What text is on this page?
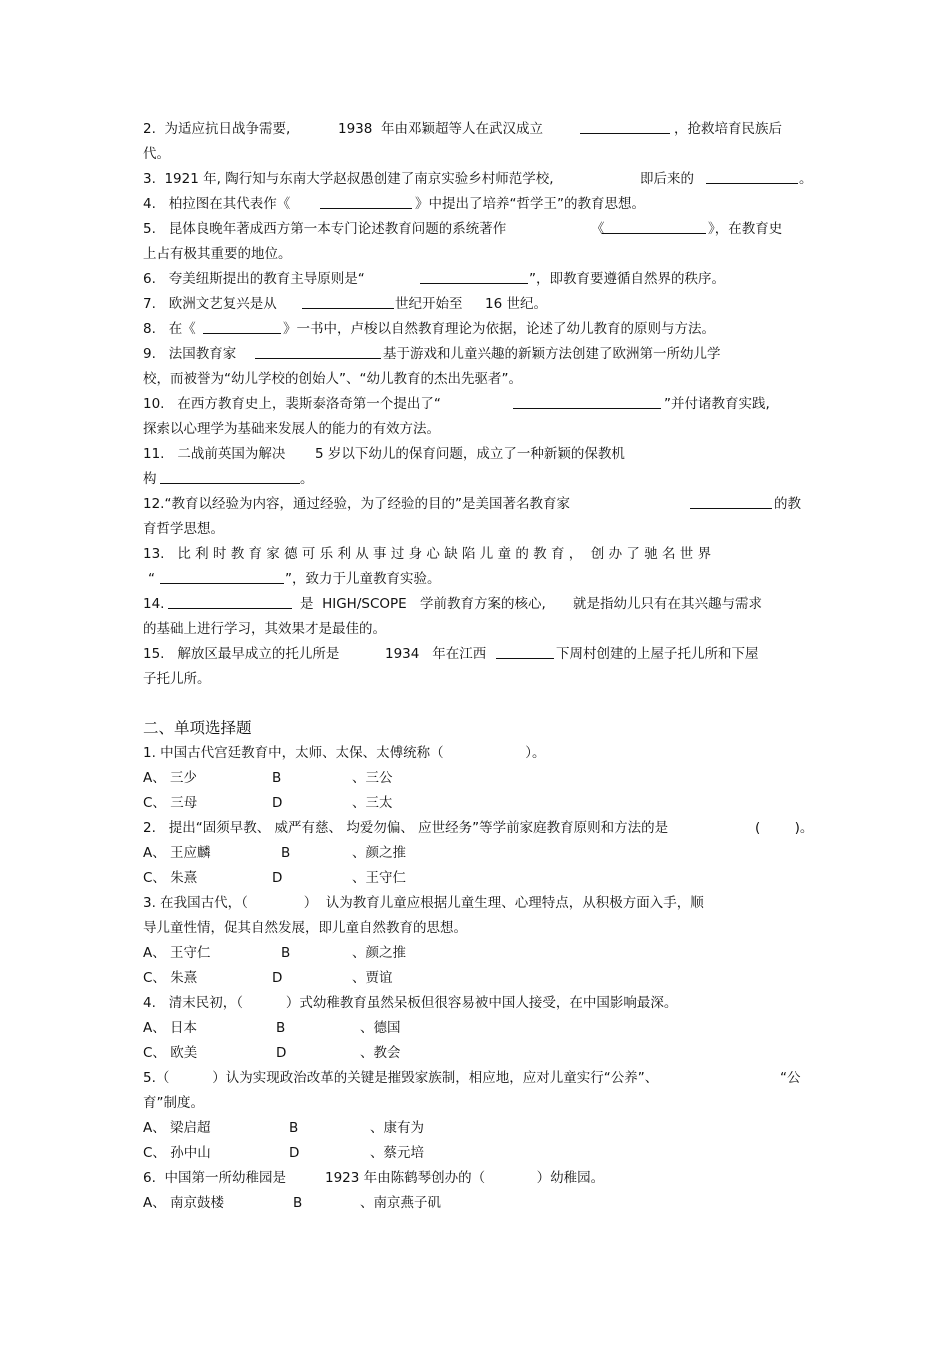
2.  为适应抗日战争需要,	1938  年由邓颖超等人在武汉成立	，抢救培育民族后
代。
3.  1921 年, 陶行知与东南大学赵叔愚创建了南京实验乡村师范学校,	即后来的	。
4.   柏拉图在其代表作《	》中提出了培养“哲学王”的教育思想。
5.   昆体良晚年著成西方第一本专门论述教育问题的系统著作	《	》，在教育史
上占有极其重要的地位。
6.   夸美纽斯提出的教育主导原则是“	”，即教育要遵循自然界的秩序。
7.   欧洲文艺复兴是从	世纪开始至 16 世纪。
8.   在《	》一书中，卢梭以自然教育理论为依据，论述了幼儿教育的原则与方法。
9.   法国教育家	基于游戏和儿童兴趣的新颖方法创建了欧洲第一所幼儿学
校，而被誉为“幼儿学校的创始人”、“幼儿教育的杰出先驱者”。
10.   在西方教育史上，裴斯泰洛奇第一个提出了“	”并付诸教育实践,
探索以心理学为基础来发展人的能力的有效方法。
11.   二战前英国为解决 5 岁以下幼儿的保育问题，成立了一种新颖的保教机
构	。
12.“教育以经验为内容，通过经验，为了经验的目的”是美国著名教育家	的教
育哲学思想。
13.   比 利 时 教 育 家 德 可 乐 利 从 事 过 身 心 缺 陷 儿 童 的 教 育 ，  创 办 了 驰 名 世 界
“	”，致力于儿童教育实验。
14.	是  HIGH/SCOPE 学前教育方案的核心, 就是指幼儿只有在其兴趣与需求
的基础上进行学习，其效果才是最佳的。
15.   解放区最早成立的托儿所是	1934   年在江西	下周村创建的上屋子托儿所和下屋
子托儿所。
二、单项选择题
1. 中国古代宫廷教育中，太师、太保、太傅统称（                   ）。
A、 三少	B	、三公
C、 三母	D	、三太
2.   提出“固须早教、 威严有慈、 均爱勿偏、 应世经务”等学前家庭教育原则和方法的是	(        )。
A、 王应麟	B	、颜之推
C、 朱熹	D	、王守仁
3. 在我国古代，（             ）  认为教育儿童应根据儿童生理、心理特点，从积极方面入手，顺
导儿童性情，促其自然发展，即儿童自然教育的思想。
A、 王守仁	B	、颜之推
C、 朱熹	D	、贾谊
4.   清末民初，（          ）式幼稚教育虽然呆板但很容易被中国人接受，在中国影响最深。
A、 日本	B	、德国
C、 欧美	D	、教会
5.（          ）认为实现政治改革的关键是摧毁家族制，相应地，应对儿童实行“公养”、	“公
育”制度。
A、 梁启超	B	、康有为
C、 孙中山	D	、蔡元培
6.  中国第一所幼稚园是	1923 年由陈鹤琴创办的（            ）幼稚园。
A、 南京鼓楼	B	、南京燕子矶
